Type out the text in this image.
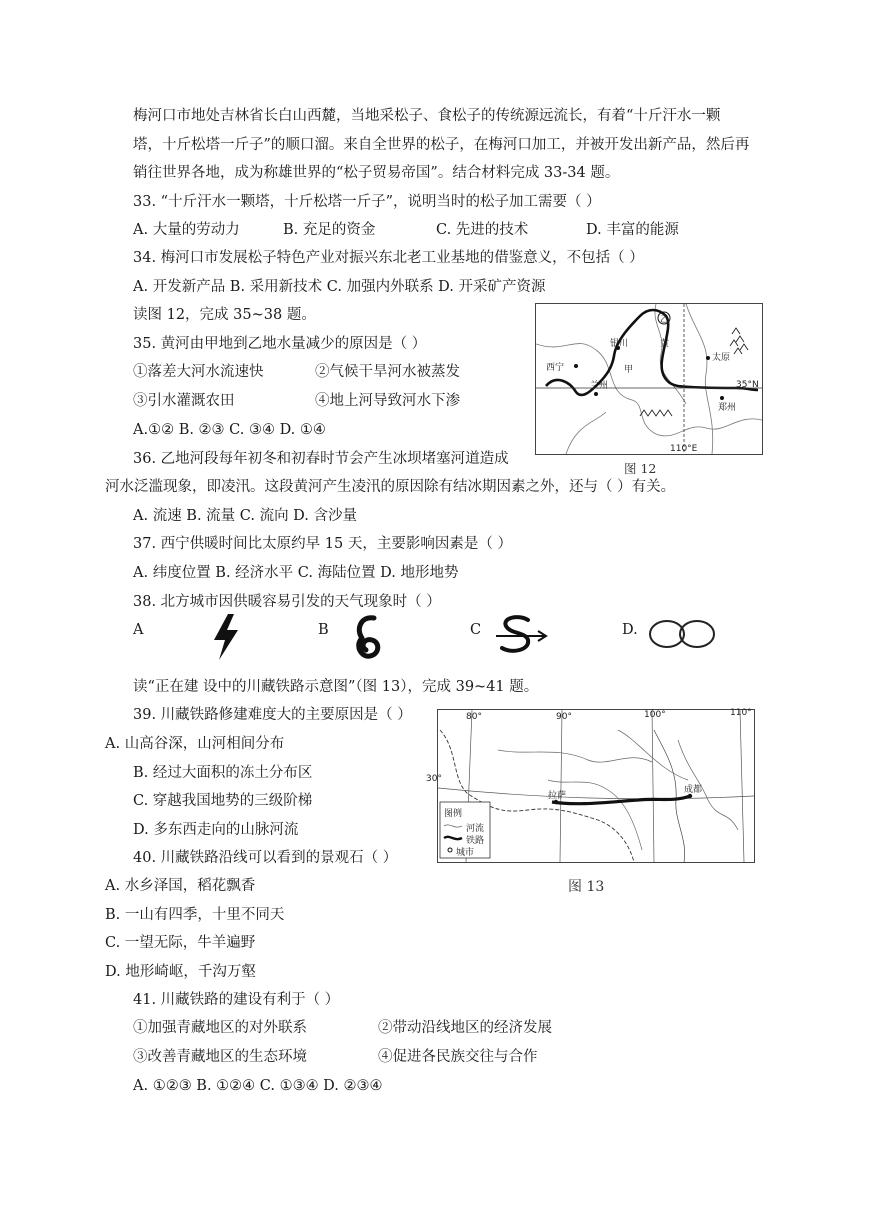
梅河口市地处吉林省长白山西麓，当地采松子、食松子的传统源远流长，有着“十斤汗水一颗
塔，十斤松塔一斤子”的顺口溜。来自全世界的松子，在梅河口加工，并被开发出新产品，然后再
销往世界各地，成为称雄世界的“松子贸易帝国”。结合材料完成 33-34 题。
33. “十斤汗水一颗塔，十斤松塔一斤子”，说明当时的松子加工需要（ ）
A. 大量的劳动力	B. 充足的资金	C. 先进的技术	D. 丰富的能源
34. 梅河口市发展松子特色产业对振兴东北老工业基地的借鉴意义，不包括（ ）
A. 开发新产品 B. 采用新技术 C. 加强内外联系 D. 开采矿产资源
读图 12，完成 35~38 题。
35. 黄河由甲地到乙地水量减少的原因是（ ）
①落差大河水流速快	②气候干旱河水被蒸发
③引水灌溉农田	④地上河导致河水下渗
A.①② B. ②③ C. ③④ D. ①④
36. 乙地河段每年初冬和初春时节会产生冰坝堵塞河道造成
河水泛滥现象，即凌汛。这段黄河产生凌汛的原因除有结冰期因素之外，还与（ ）有关。
A. 流速 B. 流量 C. 流向 D. 含沙量
37. 西宁供暖时间比太原约早 15 天，主要影响因素是（ ）
A. 纬度位置 B. 经济水平 C. 海陆位置 D. 地形地势
38. 北方城市因供暖容易引发的天气现象时（ ）
A	B	C	D.
读“正在建 设中的川藏铁路示意图”（图 13），完成 39~41 题。
39. 川藏铁路修建难度大的主要原因是（ ）
A. 山高谷深，山河相间分布
B. 经过大面积的冻土分布区
C. 穿越我国地势的三级阶梯
D. 多东西走向的山脉河流
40. 川藏铁路沿线可以看到的景观石（ ）
A. 水乡泽国，稻花飘香
B. 一山有四季，十里不同天
C. 一望无际，牛羊遍野
D. 地形崎岖，千沟万壑
41. 川藏铁路的建设有利于（ ）
①加强青藏地区的对外联系	②带动沿线地区的经济发展
③改善青藏地区的生态环境	④促进各民族交往与合作
A. ①②③ B. ①②④ C. ①③④ D. ②③④
乙
黄
西宁
银川
甲
兰州
太原
35°N
郑州
110°E
图 12
80°	90°	100°	110°
30°
拉萨
成都
图例
河流
铁路
城市
图 13
